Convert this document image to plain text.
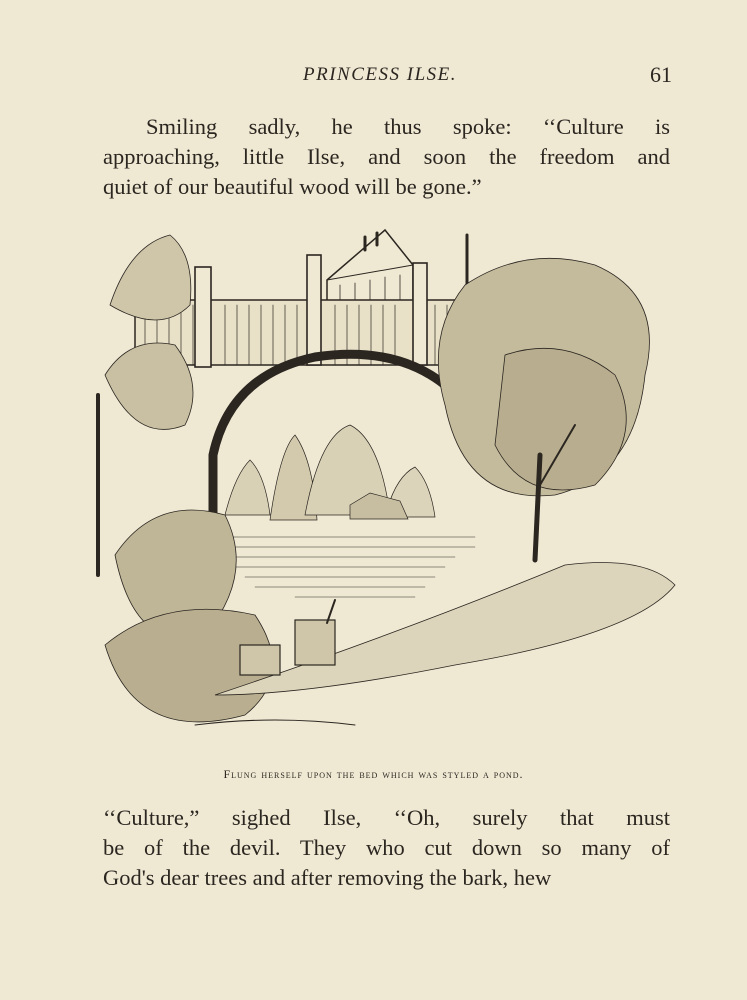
PRINCESS ILSE.	61

Smiling sadly, he thus spoke: ‘‘Culture is
approaching, little Ilse, and soon the freedom and
quiet of our beautiful wood will be gone.”

Flung herself upon the bed which was styled a pond.

‘‘Culture,” sighed Ilse, ‘‘Oh, surely that must
be of the devil. They who cut down so many of
God's dear trees and after removing the bark, hew
